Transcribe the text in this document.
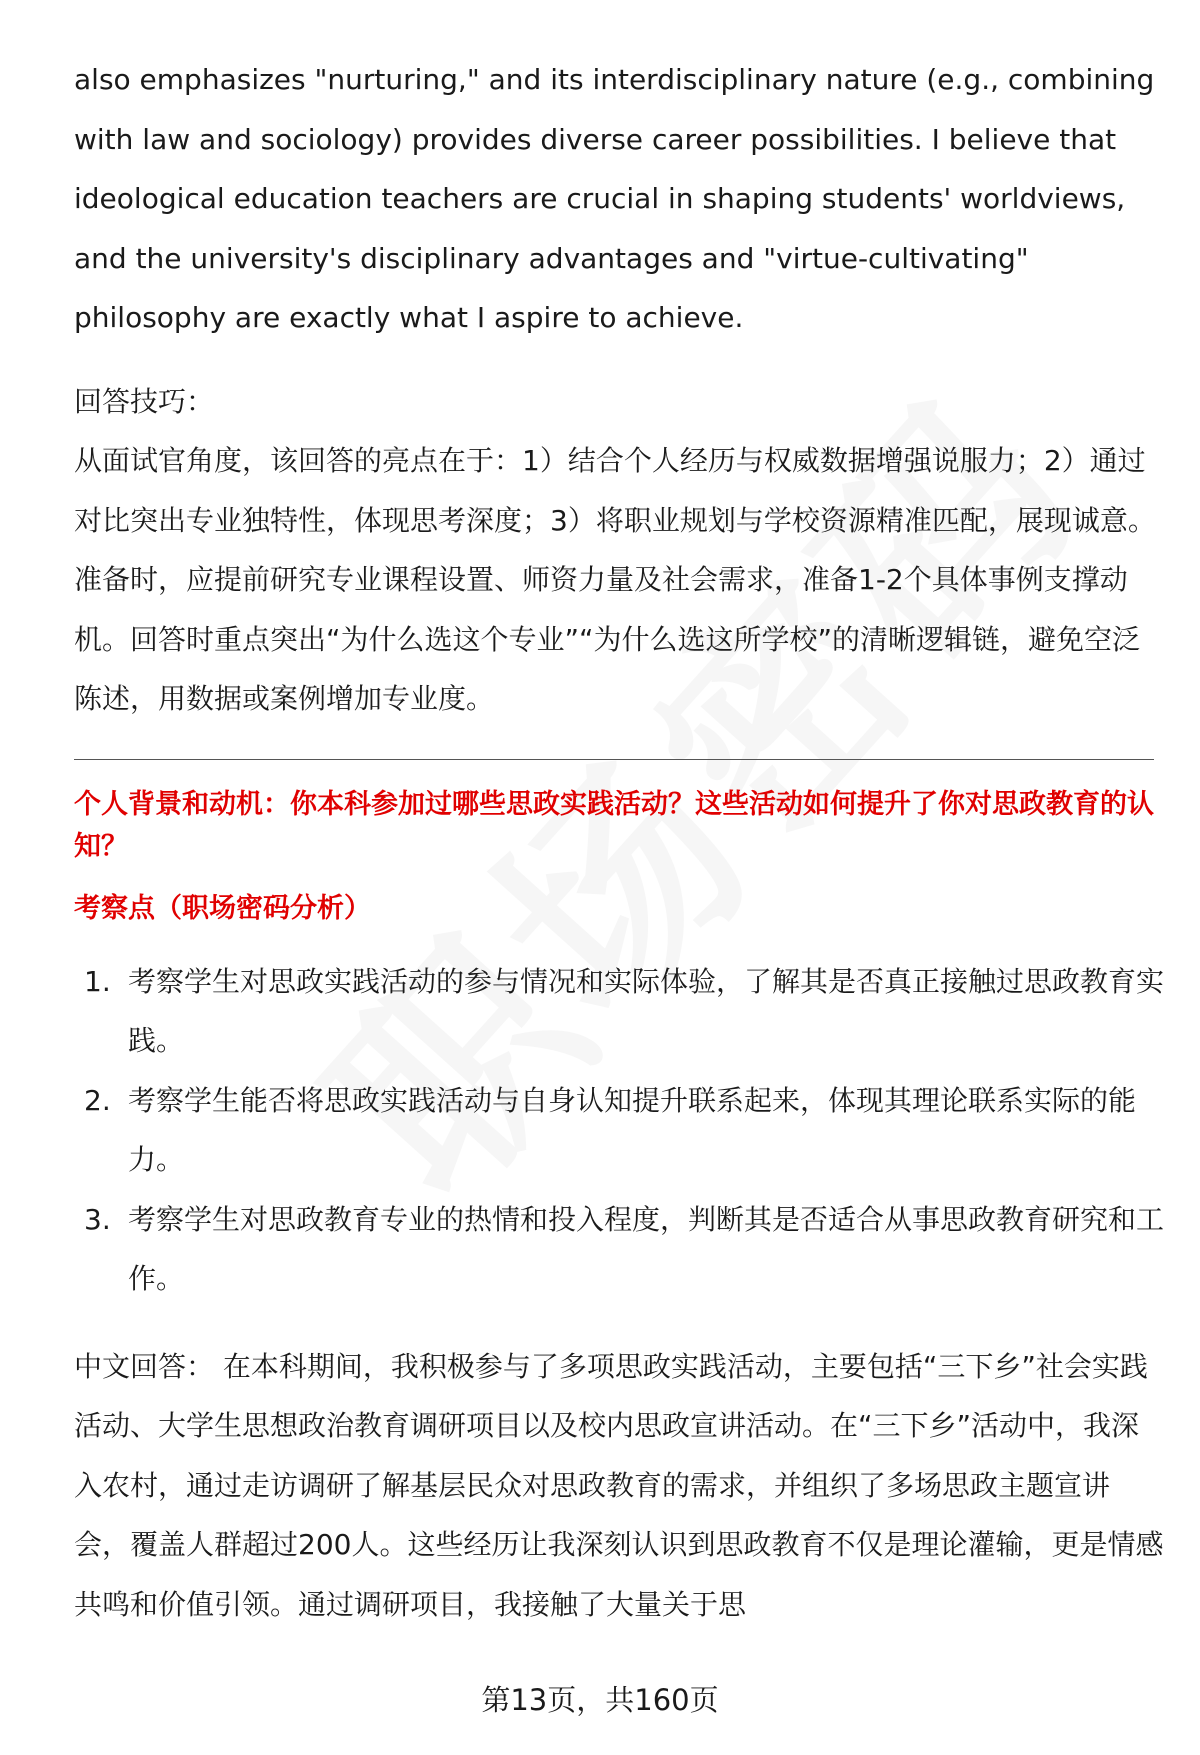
also emphasizes "nurturing," and its interdisciplinary nature (e.g., combining with law and sociology) provides diverse career possibilities. I believe that ideological education teachers are crucial in shaping students' worldviews, and the university's disciplinary advantages and "virtue-cultivating" philosophy are exactly what I aspire to achieve.

回答技巧：

从面试官角度，该回答的亮点在于：1）结合个人经历与权威数据增强说服力；2）通过对比突出专业独特性，体现思考深度；3）将职业规划与学校资源精准匹配，展现诚意。准备时，应提前研究专业课程设置、师资力量及社会需求，准备1-2个具体事例支撑动机。回答时重点突出“为什么选这个专业”“为什么选这所学校”的清晰逻辑链，避免空泛陈述，用数据或案例增加专业度。

个人背景和动机：你本科参加过哪些思政实践活动？这些活动如何提升了你对思政教育的认知？

考察点（职场密码分析）

1. 考察学生对思政实践活动的参与情况和实际体验，了解其是否真正接触过思政教育实践。
2. 考察学生能否将思政实践活动与自身认知提升联系起来，体现其理论联系实际的能力。
3. 考察学生对思政教育专业的热情和投入程度，判断其是否适合从事思政教育研究和工作。

中文回答： 在本科期间，我积极参与了多项思政实践活动，主要包括“三下乡”社会实践活动、大学生思想政治教育调研项目以及校内思政宣讲活动。在“三下乡”活动中，我深入农村，通过走访调研了解基层民众对思政教育的需求，并组织了多场思政主题宣讲会，覆盖人群超过200人。这些经历让我深刻认识到思政教育不仅是理论灌输，更是情感共鸣和价值引领。通过调研项目，我接触了大量关于思

第13页，共160页
